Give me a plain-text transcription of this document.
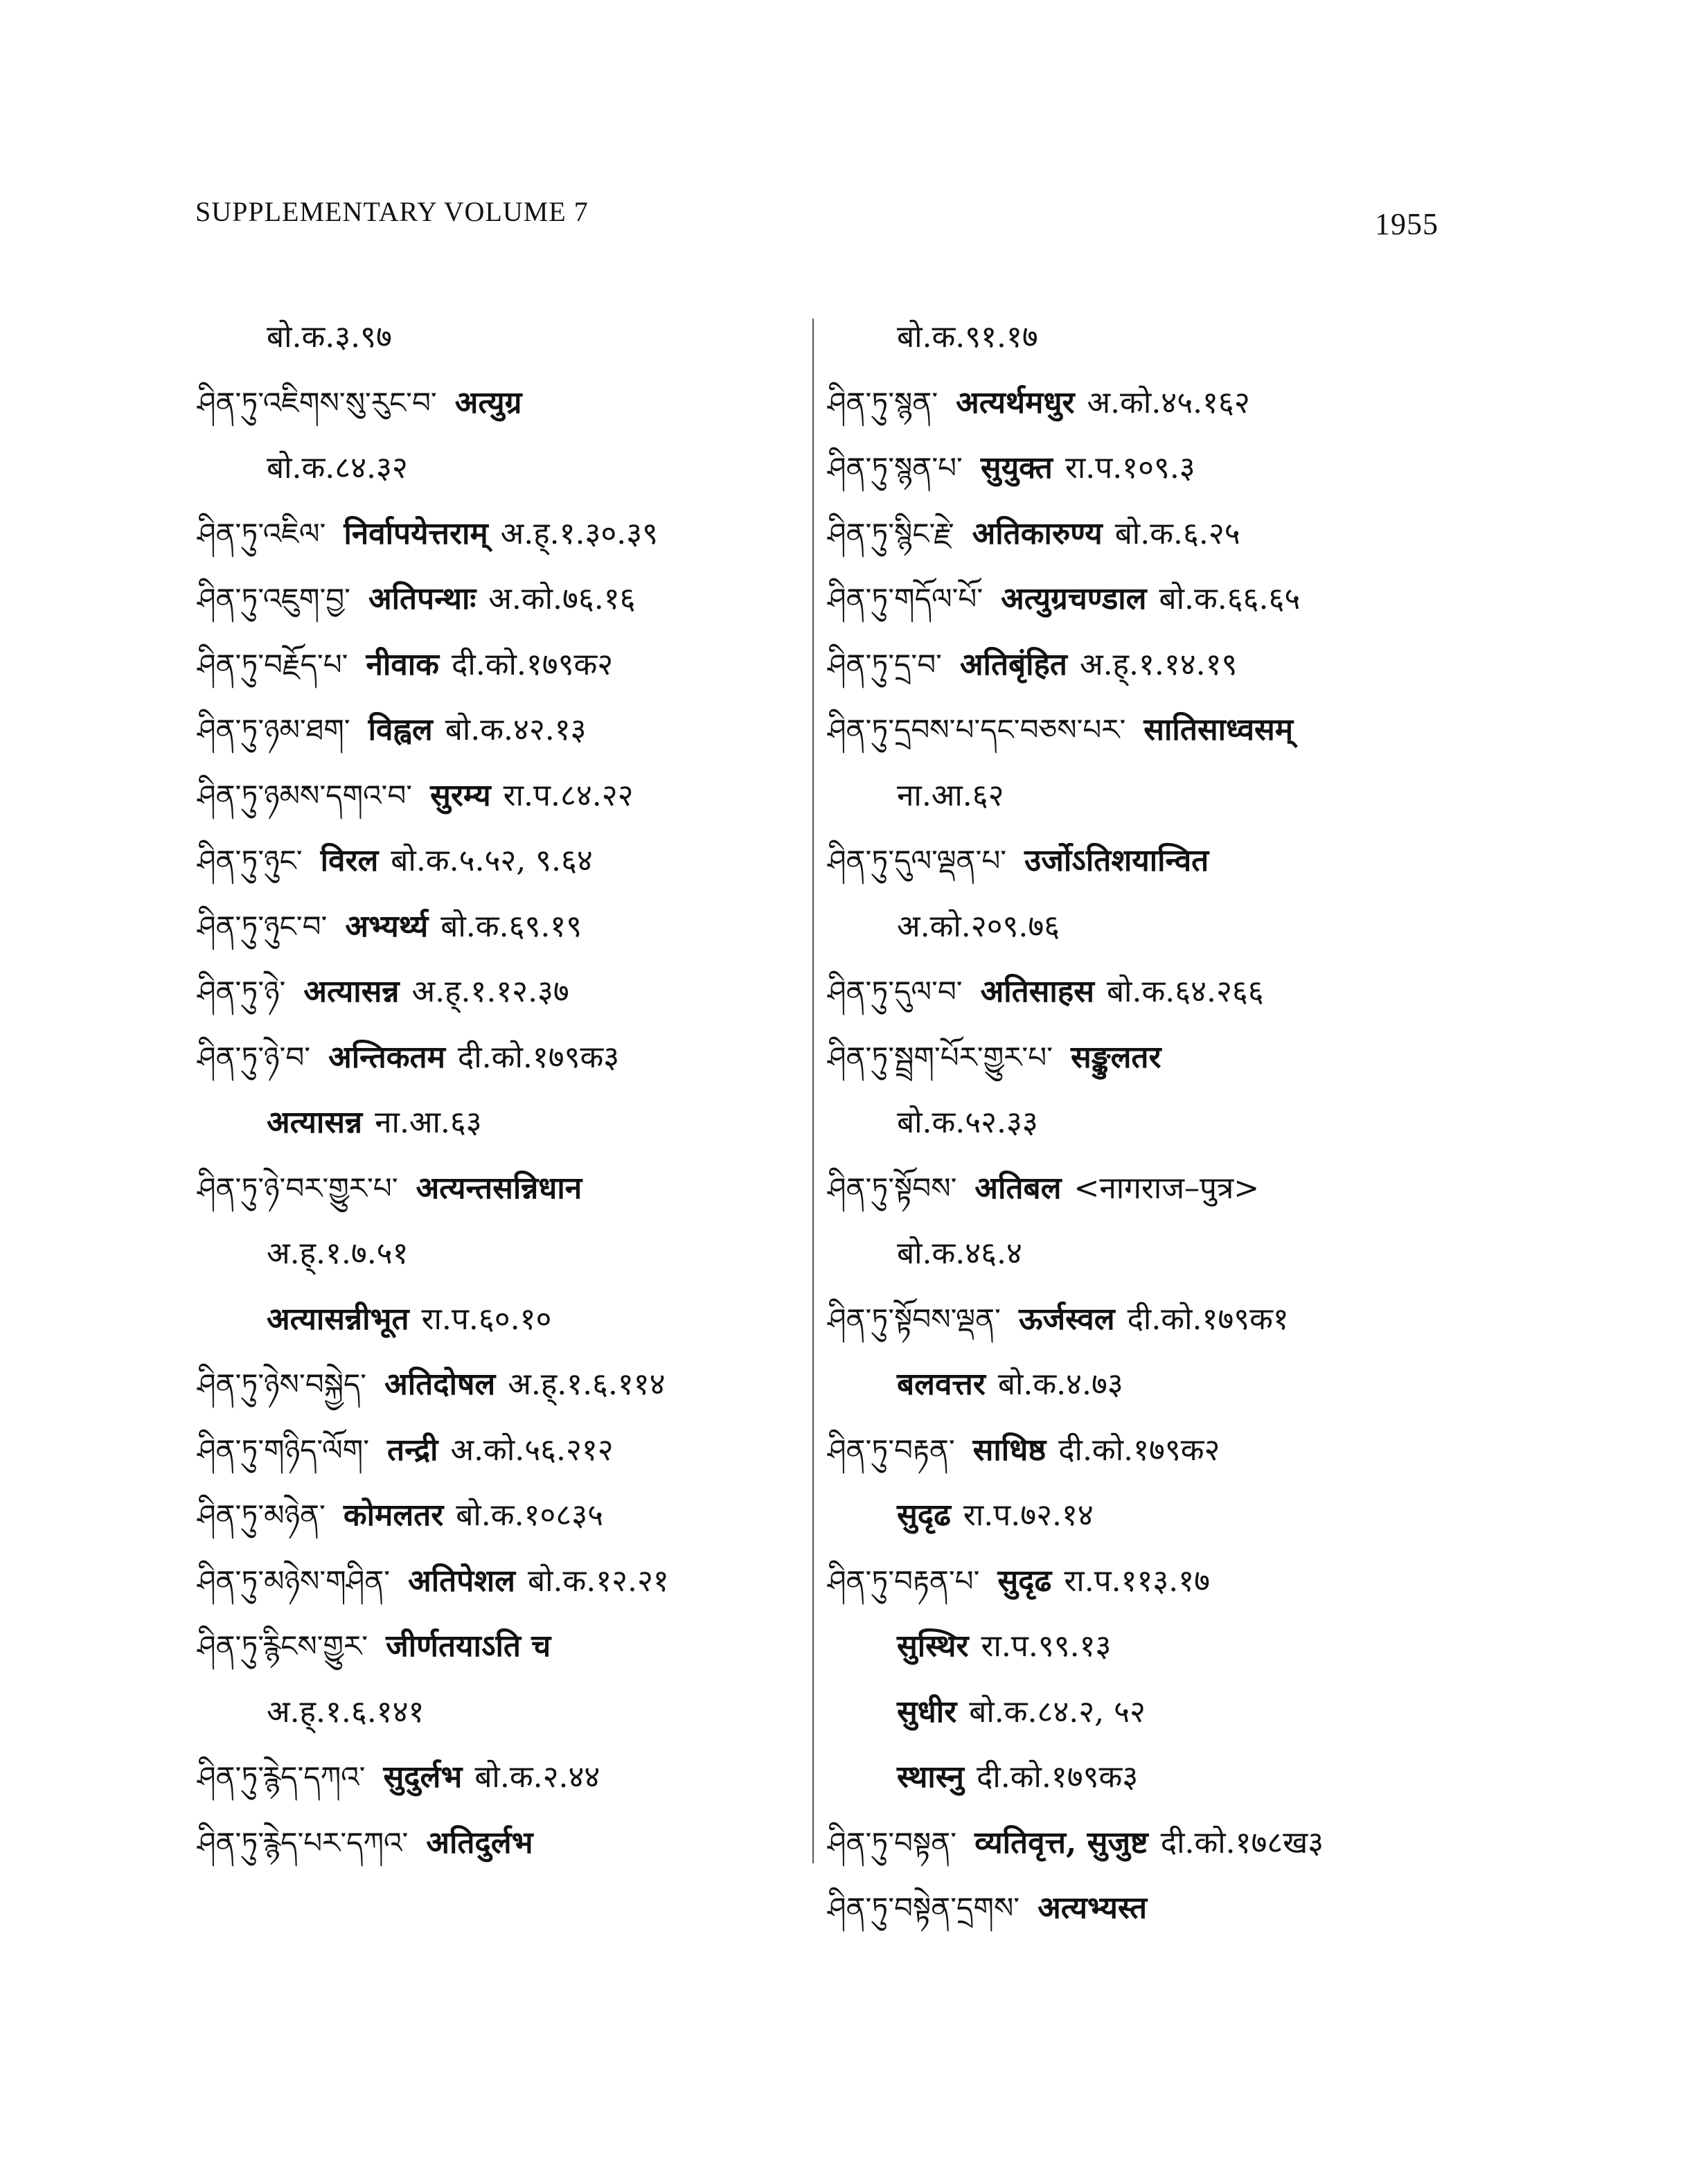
SUPPLEMENTARY VOLUME 7	1955
बो.क.३.९७
ཤིན་ཏུ་འཇིགས་སུ་རུང་བ་ अत्युग्र
बो.क.८४.३२
ཤིན་ཏུ་འཇིལ་ निर्वापयेत्तराम् अ.ह्.१.३०.३९
ཤིན་ཏུ་འཇུག་བྱ་ अतिपन्थाः अ.को.७६.१६
ཤིན་ཏུ་བརྗོད་པ་ नीवाक दी.को.१७९क२
ཤིན་ཏུ་ཉམ་ཐག་ विह्वल बो.क.४२.१३
ཤིན་ཏུ་ཉམས་དགའ་བ་ सुरम्य रा.प.८४.२२
ཤིན་ཏུ་ཉུང་ विरल बो.क.५.५२, ९.६४
ཤིན་ཏུ་ཉུང་བ་ अभ्यर्थ्य बो.क.६९.१९
ཤིན་ཏུ་ཉེ་ अत्यासन्न अ.ह्.१.१२.३७
ཤིན་ཏུ་ཉེ་བ་ अन्तिकतम दी.को.१७९क३
अत्यासन्न ना.आ.६३
ཤིན་ཏུ་ཉེ་བར་གྱུར་པ་ अत्यन्तसन्निधान
अ.ह्.१.७.५१
अत्यासन्नीभूत रा.प.६०.१०
ཤིན་ཏུ་ཉེས་བསྐྱེད་ अतिदोषल अ.ह्.१.६.११४
ཤིན་ཏུ་གཉིད་ལོག་ तन्द्री अ.को.५६.२१२
ཤིན་ཏུ་མཉེན་ कोमलतर बो.क.१०८३५
ཤིན་ཏུ་མཉེས་གཤིན་ अतिपेशल बो.क.१२.२१
ཤིན་ཏུ་རྙིངས་གྱུར་ जीर्णतयाऽति च
अ.ह्.१.६.१४१
ཤིན་ཏུ་རྙེད་དཀའ་ सुदुर्लभ बो.क.२.४४
ཤིན་ཏུ་རྙེད་པར་དཀའ་ अतिदुर्लभ
बो.क.९१.१७
ཤིན་ཏུ་སྙན་ अत्यर्थमधुर अ.को.४५.१६२
ཤིན་ཏུ་སྙན་པ་ सुयुक्त रा.प.१०९.३
ཤིན་ཏུ་སྙིང་རྗེ་ अतिकारुण्य बो.क.६.२५
ཤིན་ཏུ་གདོལ་པོ་ अत्युग्रचण्डाल बो.क.६६.६५
ཤིན་ཏུ་དྲ་བ་ अतिबृंहित अ.ह्.१.१४.१९
ཤིན་ཏུ་དྲབས་པ་དང་བཅས་པར་ सातिसाध्वसम्
ना.आ.६२
ཤིན་ཏུ་དུལ་ལྡན་པ་ उर्जोऽतिशयान्वित
अ.को.२०९.७६
ཤིན་ཏུ་དུལ་བ་ अतिसाहस बो.क.६४.२६६
ཤིན་ཏུ་སྦྲག་པོར་གྱུར་པ་ सङ्कुलतर
बो.क.५२.३३
ཤིན་ཏུ་སྟོབས་ अतिबल <नागराज–पुत्र>
बो.क.४६.४
ཤིན་ཏུ་སྟོབས་ལྡན་ ऊर्जस्वल दी.को.१७९क१
बलवत्तर बो.क.४.७३
ཤིན་ཏུ་བརྟན་ साधिष्ठ दी.को.१७९क२
सुदृढ रा.प.७२.१४
ཤིན་ཏུ་བརྟན་པ་ सुदृढ रा.प.११३.१७
सुस्थिर रा.प.९९.१३
सुधीर बो.क.८४.२, ५२
स्थास्नु दी.को.१७९क३
ཤིན་ཏུ་བསྟན་ व्यतिवृत्त, सुजुष्ट दी.को.१७८ख३
ཤིན་ཏུ་བསྟེན་དྲགས་ अत्यभ्यस्त
